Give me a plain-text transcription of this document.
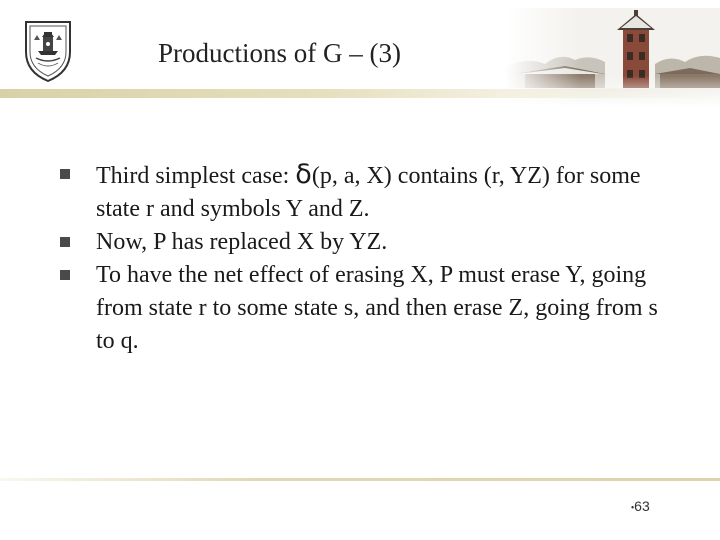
Productions of G – (3)
Third simplest case: δ(p, a, X) contains (r, YZ) for some state r and symbols Y and Z.
Now, P has replaced X by YZ.
To have the net effect of erasing X, P must erase Y, going from state r to some state s, and then erase Z, going from s to q.
•63
